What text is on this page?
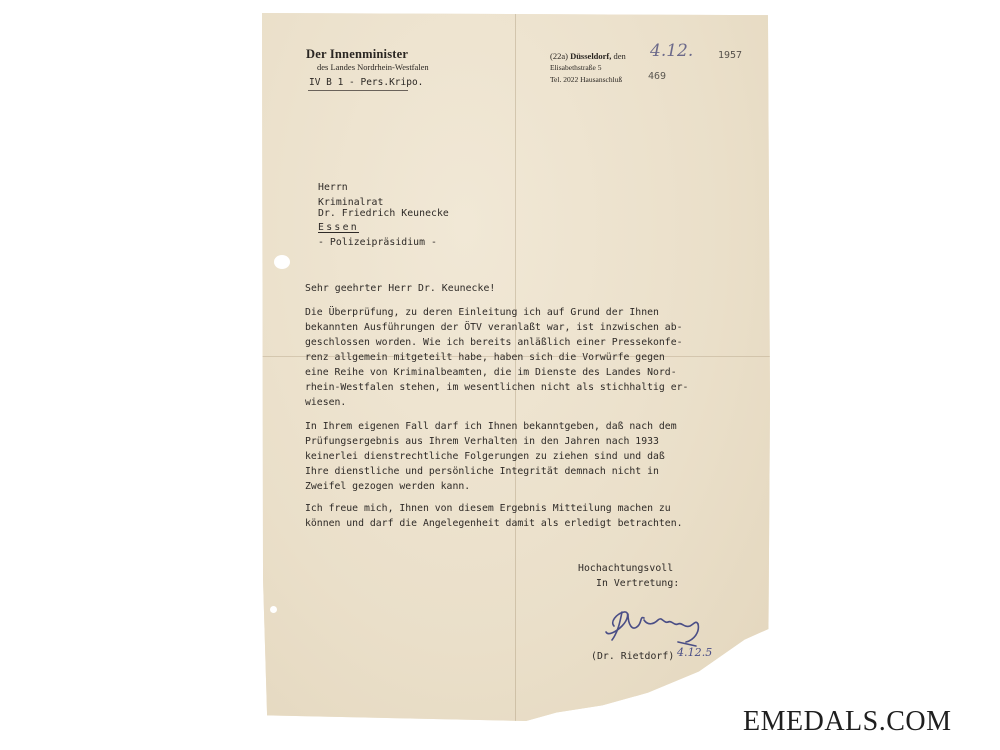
Der Innenminister
des Landes Nordrhein-Westfalen
IV B 1 - Pers.Kripo.
(22a) Düsseldorf, den 4.12. 1957
Elisabethstraße 5
Tel. 2022 Hausanschluß	469
Herrn
Kriminalrat
Dr. Friedrich Keunecke
Essen
- Polizeipräsidium -
Sehr geehrter Herr Dr. Keunecke!
Die Überprüfung, zu deren Einleitung ich auf Grund der Ihnen
bekannten Ausführungen der ÖTV veranlaßt war, ist inzwischen ab-
geschlossen worden. Wie ich bereits anläßlich einer Pressekonfe-
renz allgemein mitgeteilt habe, haben sich die Vorwürfe gegen
eine Reihe von Kriminalbeamten, die im Dienste des Landes Nord-
rhein-Westfalen stehen, im wesentlichen nicht als stichhaltig er-
wiesen.
In Ihrem eigenen Fall darf ich Ihnen bekanntgeben, daß nach dem
Prüfungsergebnis aus Ihrem Verhalten in den Jahren nach 1933
keinerlei dienstrechtliche Folgerungen zu ziehen sind und daß
Ihre dienstliche und persönliche Integrität demnach nicht in
Zweifel gezogen werden kann.
Ich freue mich, Ihnen von diesem Ergebnis Mitteilung machen zu
können und darf die Angelegenheit damit als erledigt betrachten.
Hochachtungsvoll
In Vertretung:
(Dr. Rietdorf) 4.12.5
EMEDALS.COM
